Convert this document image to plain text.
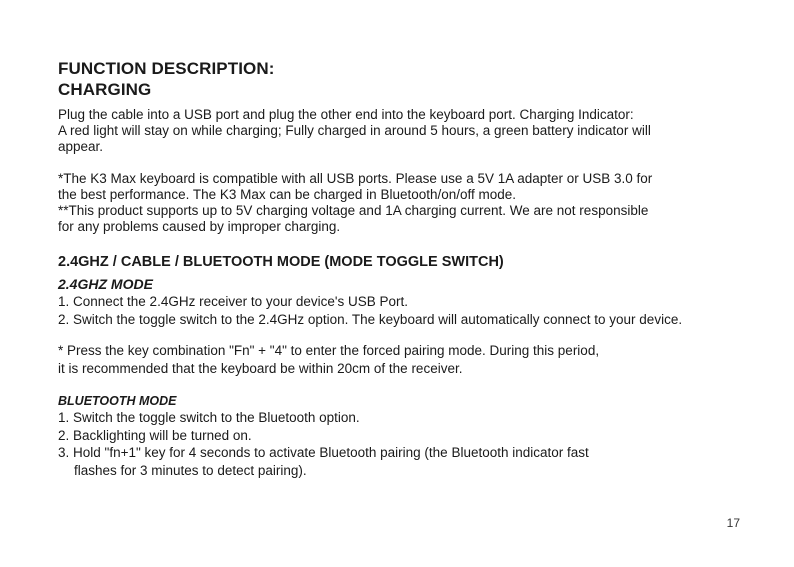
FUNCTION DESCRIPTION:
CHARGING
Plug the cable into a USB port and plug the other end into the keyboard port. Charging Indicator:
A red light will stay on while charging; Fully charged in around 5 hours, a green battery indicator will
appear.
*The K3 Max keyboard is compatible with all USB ports. Please use a 5V 1A adapter or USB 3.0 for
the best performance. The K3 Max can be charged in Bluetooth/on/off mode.
**This product supports up to 5V charging voltage and 1A charging current. We are not responsible
for any problems caused by improper charging.
2.4GHZ / CABLE / BLUETOOTH MODE (MODE TOGGLE SWITCH)
2.4GHZ MODE
1. Connect the 2.4GHz receiver to your device's USB Port.
2. Switch the toggle switch to the 2.4GHz option. The keyboard will automatically connect to your device.
* Press the key combination "Fn" + "4" to enter the forced pairing mode. During this period,
it is recommended that the keyboard be within 20cm of the receiver.
BLUETOOTH MODE
1. Switch the toggle switch to the Bluetooth option.
2. Backlighting will be turned on.
3. Hold "fn+1" key for 4 seconds to activate Bluetooth pairing (the Bluetooth indicator fast
flashes for 3 minutes to detect pairing).
17
